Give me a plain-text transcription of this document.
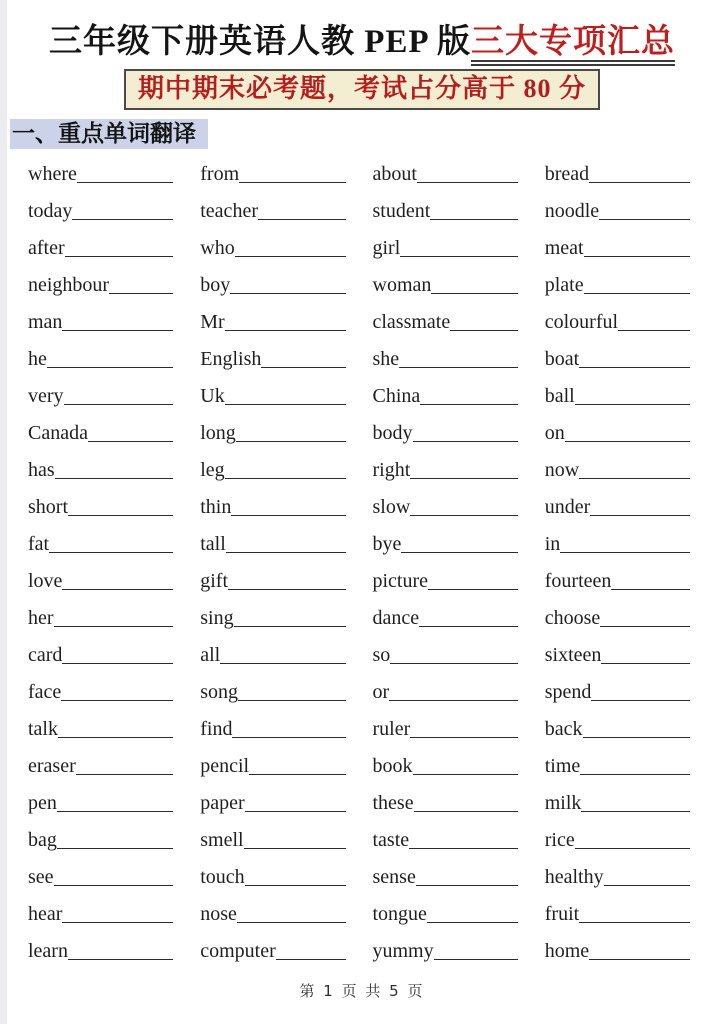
三年级下册英语人教 PEP 版三大专项汇总
期中期末必考题，考试占分高于 80 分
一、重点单词翻译
where
today
after
neighbour
man
he
very
Canada
has
short
fat
love
her
card
face
talk
eraser
pen
bag
see
hear
learn
from
teacher
who
boy
Mr
English
Uk
long
leg
thin
tall
gift
sing
all
song
find
pencil
paper
smell
touch
nose
computer
about
student
girl
woman
classmate
she
China
body
right
slow
bye
picture
dance
so
or
ruler
book
these
taste
sense
tongue
yummy
bread
noodle
meat
plate
colourful
boat
ball
on
now
under
in
fourteen
choose
sixteen
spend
back
time
milk
rice
healthy
fruit
home
第 1 页 共 5 页
